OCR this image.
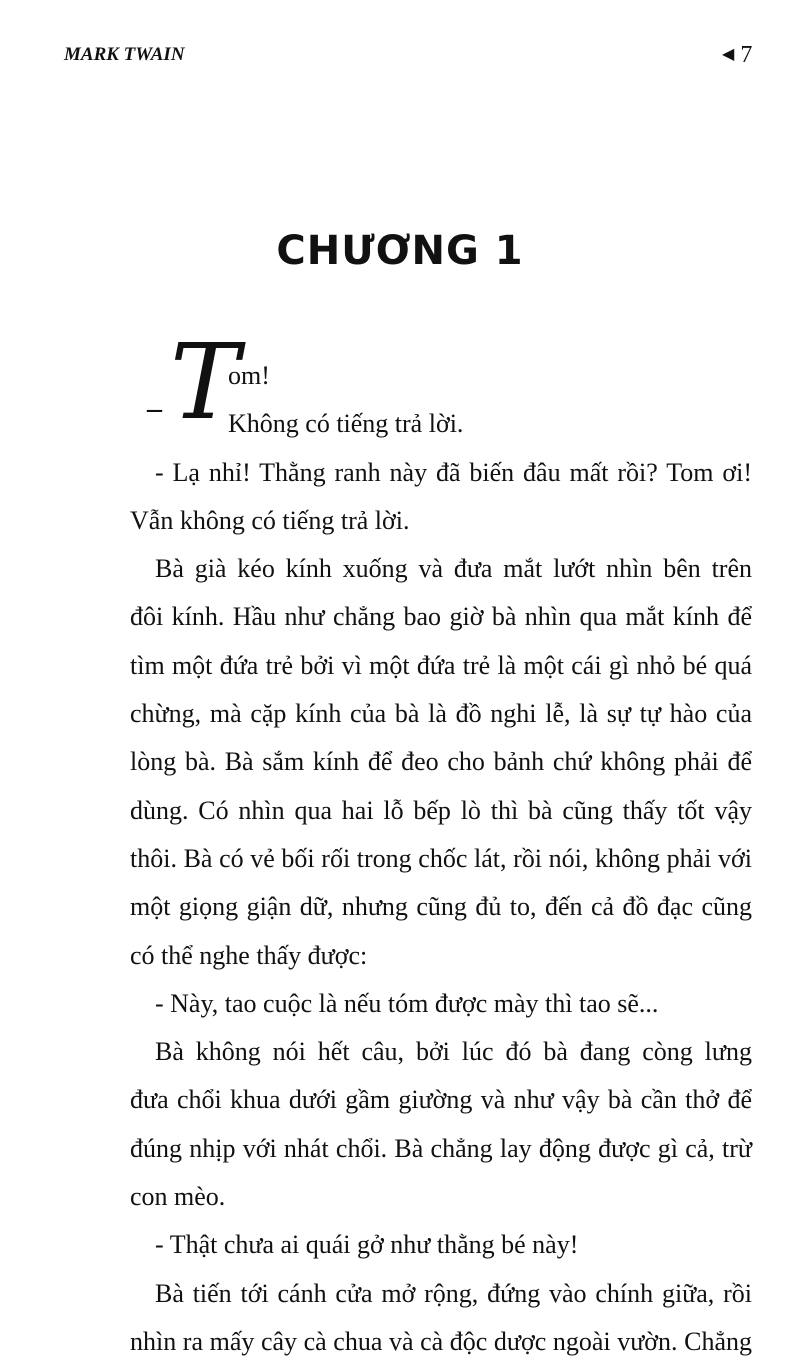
MARK TWAIN	◀ 7
CHƯƠNG 1
– T
om!
Không có tiếng trả lời.
- Lạ nhỉ! Thằng ranh này đã biến đâu mất rồi? Tom ơi!
Vẫn không có tiếng trả lời.
Bà già kéo kính xuống và đưa mắt lướt nhìn bên trên
đôi kính. Hầu như chẳng bao giờ bà nhìn qua mắt kính để
tìm một đứa trẻ bởi vì một đứa trẻ là một cái gì nhỏ bé quá
chừng, mà cặp kính của bà là đồ nghi lễ, là sự tự hào của
lòng bà. Bà sắm kính để đeo cho bảnh chứ không phải để
dùng. Có nhìn qua hai lỗ bếp lò thì bà cũng thấy tốt vậy
thôi. Bà có vẻ bối rối trong chốc lát, rồi nói, không phải với
một giọng giận dữ, nhưng cũng đủ to, đến cả đồ đạc cũng
có thể nghe thấy được:
- Này, tao cuộc là nếu tóm được mày thì tao sẽ...
Bà không nói hết câu, bởi lúc đó bà đang còng lưng
đưa chổi khua dưới gầm giường và như vậy bà cần thở để
đúng nhịp với nhát chổi. Bà chẳng lay động được gì cả, trừ
con mèo.
- Thật chưa ai quái gở như thằng bé này!
Bà tiến tới cánh cửa mở rộng, đứng vào chính giữa, rồi
nhìn ra mấy cây cà chua và cà độc dược ngoài vườn. Chẳng
